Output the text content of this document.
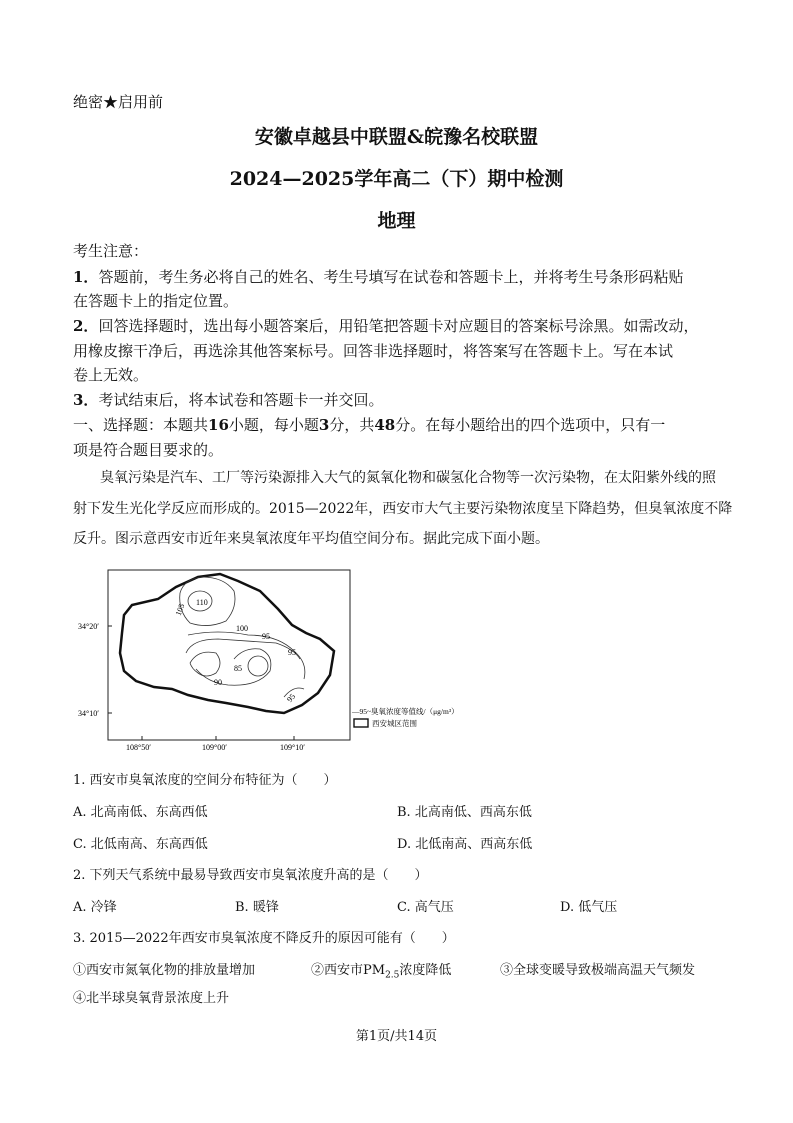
绝密★启用前
安徽卓越县中联盟&皖豫名校联盟
2024—2025学年高二（下）期中检测
地理
考生注意：
1．答题前，考生务必将自己的姓名、考生号填写在试卷和答题卡上，并将考生号条形码粘贴
在答题卡上的指定位置。
2．回答选择题时，选出每小题答案后，用铅笔把答题卡对应题目的答案标号涂黑。如需改动，
用橡皮擦干净后，再选涂其他答案标号。回答非选择题时，将答案写在答题卡上。写在本试
卷上无效。
3．考试结束后，将本试卷和答题卡一并交回。
一、选择题：本题共16小题，每小题3分，共48分。在每小题给出的四个选项中，只有一
项是符合题目要求的。
臭氧污染是汽车、工厂等污染源排入大气的氮氧化物和碳氢化合物等一次污染物，在太阳紫外线的照
射下发生光化学反应而形成的。2015—2022年，西安市大气主要污染物浓度呈下降趋势，但臭氧浓度不降
反升。图示意西安市近年来臭氧浓度年平均值空间分布。据此完成下面小题。
110
105
100
95
95
90
85
95
34°20′
34°10′
108°50′	109°00′	109°10′
—95~臭氧浓度等值线/（μg/m³）
西安城区范围
1. 西安市臭氧浓度的空间分布特征为（　　）
A. 北高南低、东高西低	B. 北高南低、西高东低
C. 北低南高、东高西低	D. 北低南高、西高东低
2. 下列天气系统中最易导致西安市臭氧浓度升高的是（　　）
A. 冷锋	B. 暖锋	C. 高气压	D. 低气压
3. 2015—2022年西安市臭氧浓度不降反升的原因可能有（　　）
①西安市氮氧化物的排放量增加	②西安市$PM_{2.5}$浓度降低	③全球变暖导致极端高温天气频发
④北半球臭氧背景浓度上升
第1页/共14页
